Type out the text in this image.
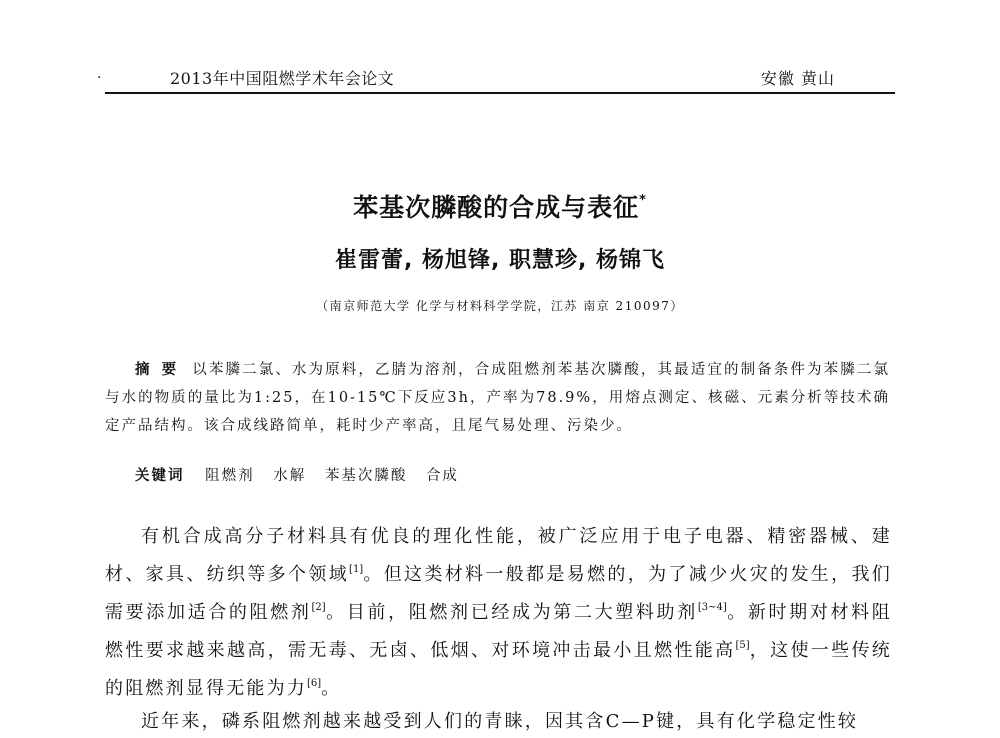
·	2013年中国阻燃学术年会论文	安徽 黄山
苯基次膦酸的合成与表征*
崔雷蕾, 杨旭锋, 职慧珍, 杨锦飞
（南京师范大学 化学与材料科学学院，江苏 南京 210097）
摘要 以苯膦二氯、水为原料，乙腈为溶剂，合成阻燃剂苯基次膦酸，其最适宜的制备条件为苯膦二氯与水的物质的量比为1:25，在10-15℃下反应3h，产率为78.9%，用熔点测定、核磁、元素分析等技术确定产品结构。该合成线路简单，耗时少产率高，且尾气易处理、污染少。
关键词 阻燃剂 水解 苯基次膦酸 合成

有机合成高分子材料具有优良的理化性能，被广泛应用于电子电器、精密器械、建材、家具、纺织等多个领域[1]。但这类材料一般都是易燃的，为了减少火灾的发生，我们需要添加适合的阻燃剂[2]。目前，阻燃剂已经成为第二大塑料助剂[3~4]。新时期对材料阻燃性要求越来越高，需无毒、无卤、低烟、对环境冲击最小且燃性能高[5]，这使一些传统的阻燃剂显得无能为力[6]。

近年来，磷系阻燃剂越来越受到人们的青睐，因其含C—P键，具有化学稳定性较
